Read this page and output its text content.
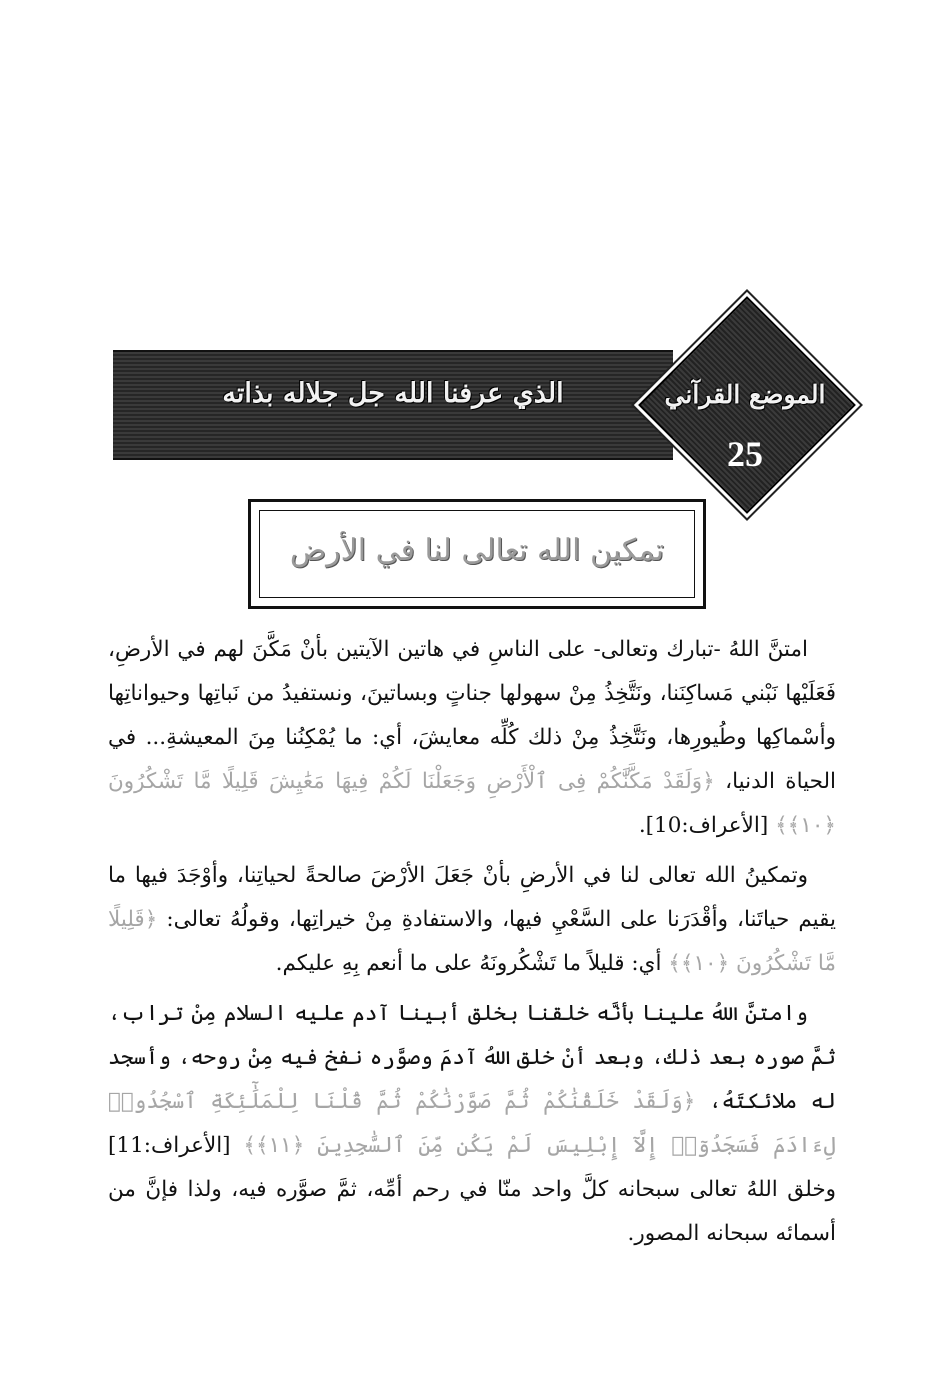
الذي عرفنا الله جل جلاله بذاته	الموضع القرآني
25
تمكين الله تعالى لنا في الأرض

امتنَّ اللهُ -تبارك وتعالى- على الناسِ في هاتين الآيتين بأنْ مَكَّنَ لهم في الأرضِ، فَعَلَيْها نَبْني مَساكِنَنا، ونَتَّخِذُ مِنْ سهولها جناتٍ وبساتينَ، ونستفيدُ من نَباتِها وحيواناتِها وأسْماكِها وطُيورِها، ونَتَّخِذُ مِنْ ذلك كُلِّه معايشَ، أي: ما يُمْكِنُنا مِنَ المعيشةِ... في الحياة الدنيا، ﴿وَلَقَدْ مَكَّنَّٰكُمْ فِى ٱلْأَرْضِ وَجَعَلْنَا لَكُمْ فِيهَا مَعَٰيِشَ قَلِيلًا مَّا تَشْكُرُونَ ﴿١٠﴾﴾ [الأعراف:10].

وتمكينُ الله تعالى لنا في الأرضِ بأنْ جَعَلَ الأرْضَ صالحةً لحياتِنا، وأوْجَدَ فيها ما يقيم حياتَنا، وأقْدَرَنا على السَّعْيِ فيها، والاستفادةِ مِنْ خيراتِها، وقولُهُ تعالى: ﴿قَلِيلًا مَّا تَشْكُرُونَ ﴿١٠﴾﴾ أي: قليلاً ما تَشْكُرونَهُ على ما أنعم بِهِ عليكم.

وامتنَّ اللهُ علينا بأنَّه خلقنا بخلق أبينا آدم عليه السلام مِنْ تراب، ثمَّ صوره بعد ذلك، وبعد أنْ خلق اللهُ آدمَ وصوَّره نفخ فيه مِنْ روحه، وأسجد له ملائكتَهُ، ﴿وَلَقَدْ خَلَقْنَٰكُمْ ثُمَّ صَوَّرْنَٰكُمْ ثُمَّ قُلْنَا لِلْمَلَٰٓئِكَةِ ٱسْجُدُوا۟ لِءَادَمَ فَسَجَدُوٓا۟ إِلَّآ إِبْلِيسَ لَمْ يَكُن مِّنَ ٱلسَّٰجِدِينَ ﴿١١﴾﴾ [الأعراف:11] وخلق اللهُ تعالى سبحانه كلَّ واحد منّا في رحم أمِّه، ثمَّ صوَّره فيه، ولذا فإنَّ من أسمائه سبحانه المصور.
